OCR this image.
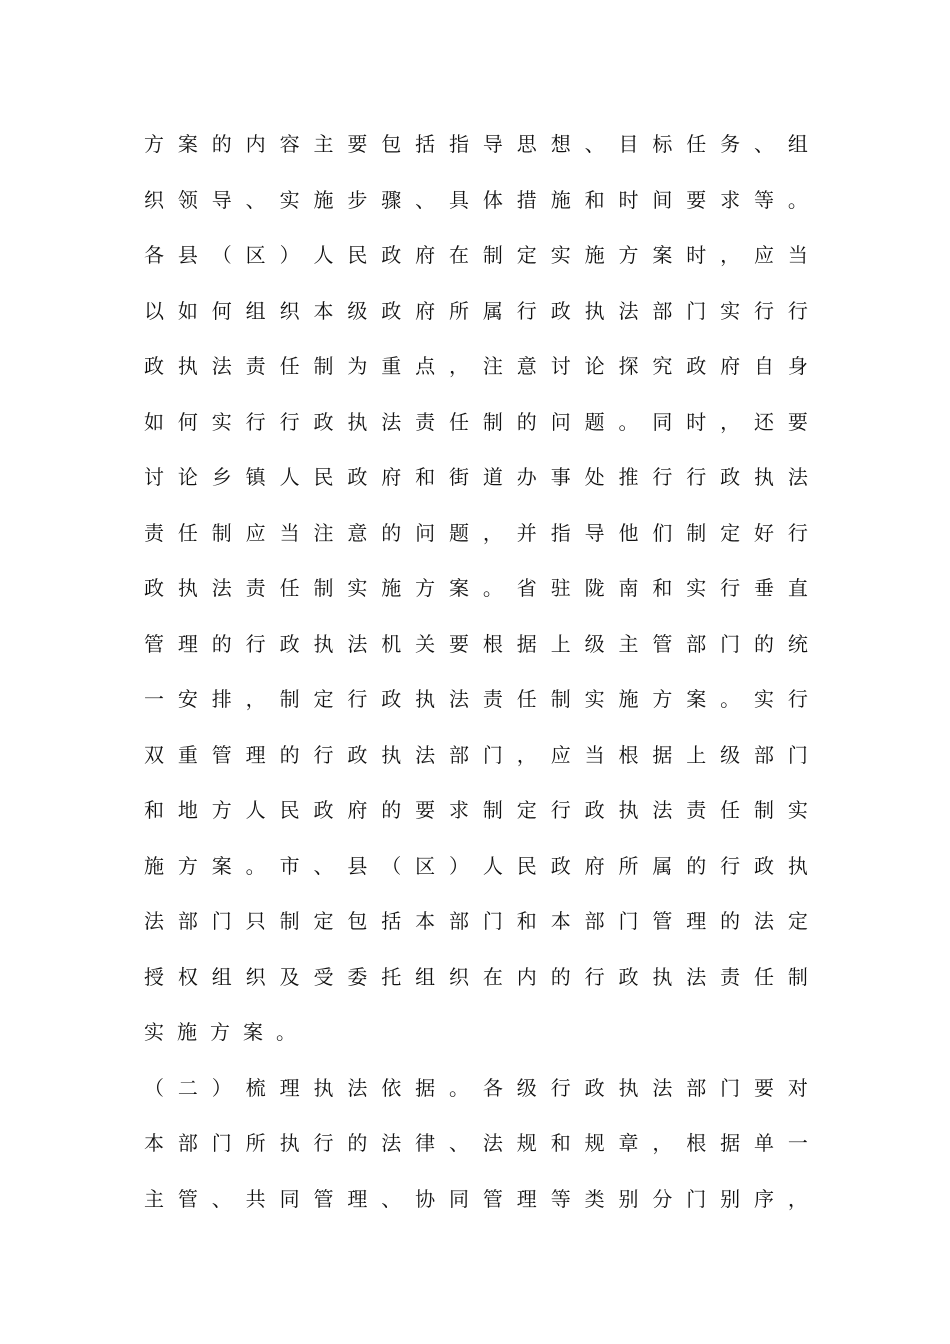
方 案 的 内 容 主 要 包 括 指 导 思 想 、 目 标 任 务 、 组
织 领 导 、 实 施 步 骤 、 具 体 措 施 和 时 间 要 求 等 。
各 县 （ 区 ） 人 民 政 府 在 制 定 实 施 方 案 时 ， 应 当
以 如 何 组 织 本 级 政 府 所 属 行 政 执 法 部 门 实 行 行
政 执 法 责 任 制 为 重 点 ， 注 意 讨 论 探 究 政 府 自 身
如 何 实 行 行 政 执 法 责 任 制 的 问 题 。 同 时 ， 还 要
讨 论 乡 镇 人 民 政 府 和 街 道 办 事 处 推 行 行 政 执 法
责 任 制 应 当 注 意 的 问 题 ， 并 指 导 他 们 制 定 好 行
政 执 法 责 任 制 实 施 方 案 。 省 驻 陇 南 和 实 行 垂 直
管 理 的 行 政 执 法 机 关 要 根 据 上 级 主 管 部 门 的 统
一 安 排 ， 制 定 行 政 执 法 责 任 制 实 施 方 案 。 实 行
双 重 管 理 的 行 政 执 法 部 门 ， 应 当 根 据 上 级 部 门
和 地 方 人 民 政 府 的 要 求 制 定 行 政 执 法 责 任 制 实
施 方 案 。 市 、 县 （ 区 ） 人 民 政 府 所 属 的 行 政 执
法 部 门 只 制 定 包 括 本 部 门 和 本 部 门 管 理 的 法 定
授 权 组 织 及 受 委 托 组 织 在 内 的 行 政 执 法 责 任 制
实施方案。
（ 二 ） 梳 理 执 法 依 据 。 各 级 行 政 执 法 部 门 要 对
本 部 门 所 执 行 的 法 律 、 法 规 和 规 章 ， 根 据 单 一
主 管 、 共 同 管 理 、 协 同 管 理 等 类 别 分 门 别 序 ，
